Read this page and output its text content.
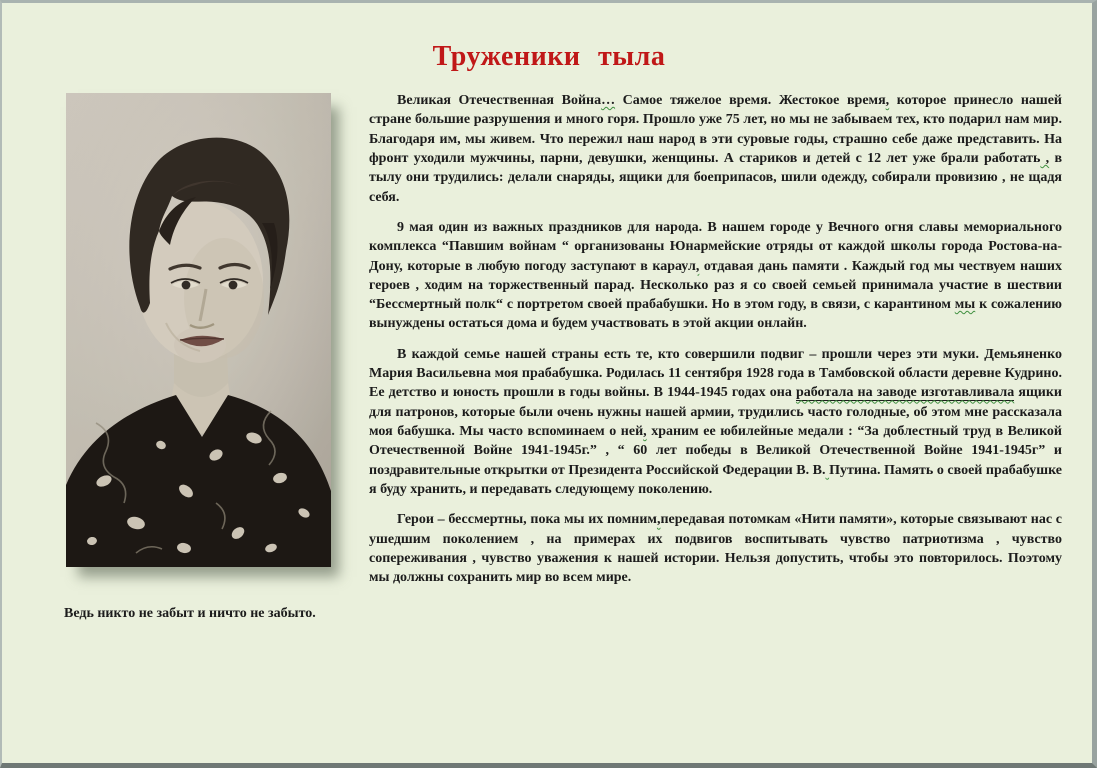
Труженики тыла

Великая Отечественная Война… Самое тяжелое время. Жестокое время, которое принесло нашей стране большие разрушения и много горя. Прошло уже 75 лет, но мы не забываем тех, кто подарил нам мир. Благодаря им, мы живем. Что пережил наш народ в эти суровые годы, страшно себе даже представить. На фронт уходили мужчины, парни, девушки, женщины. А стариков и детей с 12 лет уже брали работать , в тылу они трудились: делали снаряды, ящики для боеприпасов, шили одежду, собирали провизию , не щадя себя.

9 мая один из важных праздников для народа. В нашем городе у Вечного огня славы мемориального комплекса “Павшим войнам “ организованы Юнармейские отряды от каждой школы города Ростова-на-Дону, которые в любую погоду заступают в караул, отдавая дань памяти . Каждый год мы чествуем наших героев , ходим на торжественный парад. Несколько раз я со своей семьей принимала участие в шествии “Бессмертный полк“ с портретом своей прабабушки. Но в этом году, в связи, с карантином мы к сожалению вынуждены остаться дома и будем участвовать в этой акции онлайн.

В каждой семье нашей страны есть те, кто совершили подвиг – прошли через эти муки. Демьяненко Мария Васильевна моя прабабушка. Родилась 11 сентября 1928 года в Тамбовской области деревне Кудрино. Ее детство и юность прошли в годы войны. В 1944-1945 годах она работала на заводе изготавливала ящики для патронов, которые были очень нужны нашей армии, трудились часто голодные, об этом мне рассказала моя бабушка. Мы часто вспоминаем о ней, храним ее юбилейные медали : “За доблестный труд в Великой Отечественной Войне 1941-1945г.” , “ 60 лет победы в Великой Отечественной Войне 1941-1945г” и поздравительные открытки от Президента Российской Федерации В. В. Путина. Память о своей прабабушке я буду хранить, и передавать следующему поколению.

Герои – бессмертны, пока мы их помним,передавая потомкам «Нити памяти», которые связывают нас с ушедшим поколением , на примерах их подвигов воспитывать чувство патриотизма , чувство сопереживания , чувство уважения к нашей истории. Нельзя допустить, чтобы это повторилось. Поэтому мы должны сохранить мир во всем мире.

Ведь никто не забыт и ничто не забыто.
